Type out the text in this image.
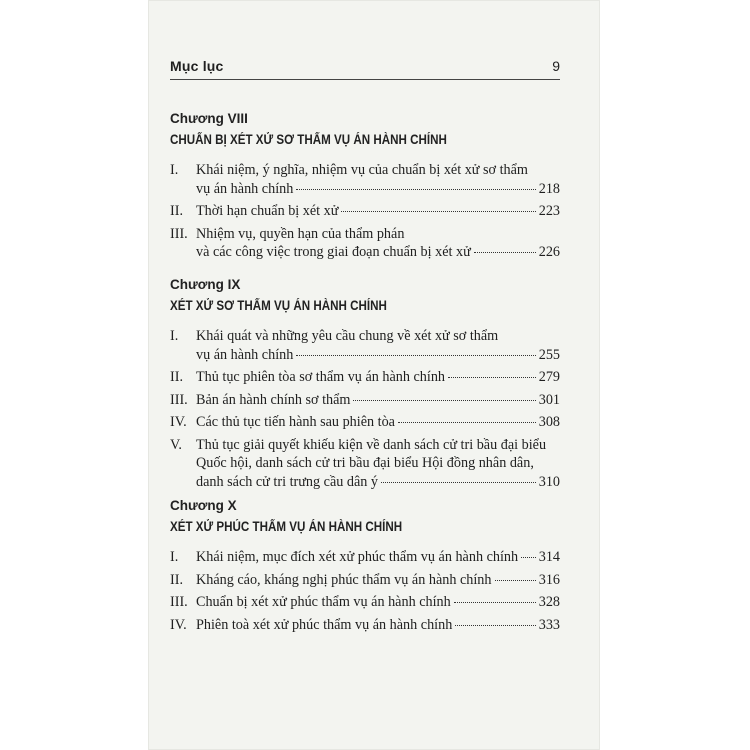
Mục lục	9
Chương VIII
CHUẨN BỊ XÉT XỬ SƠ THẨM VỤ ÁN HÀNH CHÍNH
I.	Khái niệm, ý nghĩa, nhiệm vụ của chuẩn bị xét xử sơ thẩm
vụ án hành chính	218
II. Thời hạn chuẩn bị xét xử	223
III. Nhiệm vụ, quyền hạn của thẩm phán
và các công việc trong giai đoạn chuẩn bị xét xử	226
Chương IX
XÉT XỬ SƠ THẨM VỤ ÁN HÀNH CHÍNH
I.	Khái quát và những yêu cầu chung về xét xử sơ thẩm
vụ án hành chính	255
II. Thủ tục phiên tòa sơ thẩm vụ án hành chính	279
III. Bản án hành chính sơ thẩm	301
IV. Các thủ tục tiến hành sau phiên tòa	308
V. Thủ tục giải quyết khiếu kiện về danh sách cử tri bầu đại biểu
Quốc hội, danh sách cử tri bầu đại biểu Hội đồng nhân dân,
danh sách cử tri trưng cầu dân ý	310
Chương X
XÉT XỬ PHÚC THẨM VỤ ÁN HÀNH CHÍNH
I.	Khái niệm, mục đích xét xử phúc thẩm vụ án hành chính 314
II. Kháng cáo, kháng nghị phúc thẩm vụ án hành chính	316
III. Chuẩn bị xét xử phúc thẩm vụ án hành chính	328
IV. Phiên toà xét xử phúc thẩm vụ án hành chính	333
